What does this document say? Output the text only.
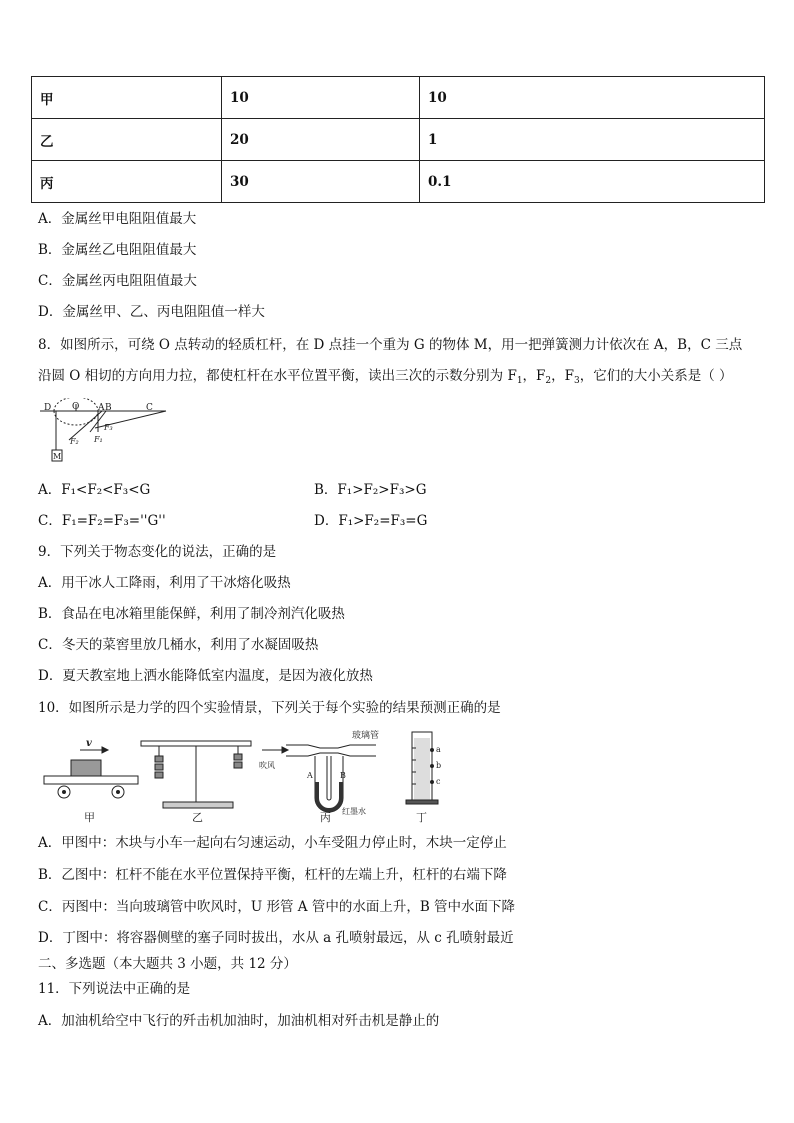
甲	10	10
乙	20	1
丙	30	0.1
A．金属丝甲电阻阻值最大
B．金属丝乙电阻阻值最大
C．金属丝丙电阻阻值最大
D．金属丝甲、乙、丙电阻阻值一样大
8．如图所示，可绕 O 点转动的轻质杠杆，在 D 点挂一个重为 G 的物体 M，用一把弹簧测力计依次在 A，B，C 三点
沿圆 O 相切的方向用力拉，都使杠杆在水平位置平衡，读出三次的示数分别为 $F_1$，$F_2$，$F_3$，它们的大小关系是（ ）
D O A B	C
F₃
F₂ F₁
M
A．F₁<F₂<F₃<G	B．F₁>F₂>F₃>G
C．F₁=F₂=F₃=''G''	D．F₁>F₂=F₃=G
9．下列关于物态变化的说法，正确的是
A．用干冰人工降雨，利用了干冰熔化吸热
B．食品在电冰箱里能保鲜，利用了制冷剂汽化吸热
C．冬天的菜窖里放几桶水，利用了水凝固吸热
D．夏天教室地上洒水能降低室内温度，是因为液化放热
10．如图所示是力学的四个实验情景，下列关于每个实验的结果预测正确的是
v
甲	乙
玻璃管
吹风
A	B
红墨水
丙
a
b
c
丁
A．甲图中：木块与小车一起向右匀速运动，小车受阻力停止时，木块一定停止
B．乙图中：杠杆不能在水平位置保持平衡，杠杆的左端上升，杠杆的右端下降
C．丙图中：当向玻璃管中吹风时，U 形管 A 管中的水面上升，B 管中水面下降
D．丁图中：将容器侧壁的塞子同时拔出，水从 a 孔喷射最远，从 c 孔喷射最近
二、多选题（本大题共 3 小题，共 12 分）
11．下列说法中正确的是
A．加油机给空中飞行的歼击机加油时，加油机相对歼击机是静止的
